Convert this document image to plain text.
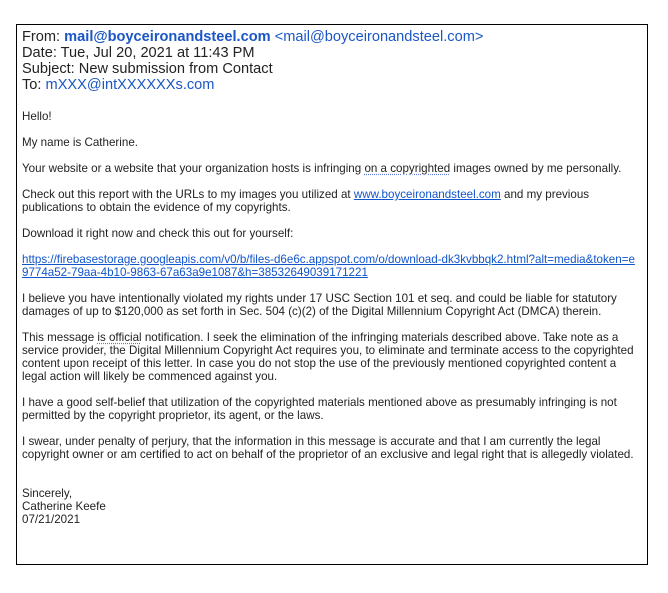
From: mail@boyceironandsteel.com <mail@boyceironandsteel.com>
Date: Tue, Jul 20, 2021 at 11:43 PM
Subject: New submission from Contact
To: mXXX@intXXXXXXs.com

Hello!

My name is Catherine.

Your website or a website that your organization hosts is infringing on a copyrighted images owned by me personally.

Check out this report with the URLs to my images you utilized at www.boyceironandsteel.com and my previous publications to obtain the evidence of my copyrights.

Download it right now and check this out for yourself:

https://firebasestorage.googleapis.com/v0/b/files-d6e6c.appspot.com/o/download-dk3kvbbqk2.html?alt=media&token=e9774a52-79aa-4b10-9863-67a63a9e1087&h=38532649039171221

I believe you have intentionally violated my rights under 17 USC Section 101 et seq. and could be liable for statutory damages of up to $120,000 as set forth in Sec. 504 (c)(2) of the Digital Millennium Copyright Act (DMCA) therein.

This message is official notification. I seek the elimination of the infringing materials described above. Take note as a service provider, the Digital Millennium Copyright Act requires you, to eliminate and terminate access to the copyrighted content upon receipt of this letter. In case you do not stop the use of the previously mentioned copyrighted content a legal action will likely be commenced against you.

I have a good self-belief that utilization of the copyrighted materials mentioned above as presumably infringing is not permitted by the copyright proprietor, its agent, or the laws.

I swear, under penalty of perjury, that the information in this message is accurate and that I am currently the legal copyright owner or am certified to act on behalf of the proprietor of an exclusive and legal right that is allegedly violated.

Sincerely,
Catherine Keefe
07/21/2021
